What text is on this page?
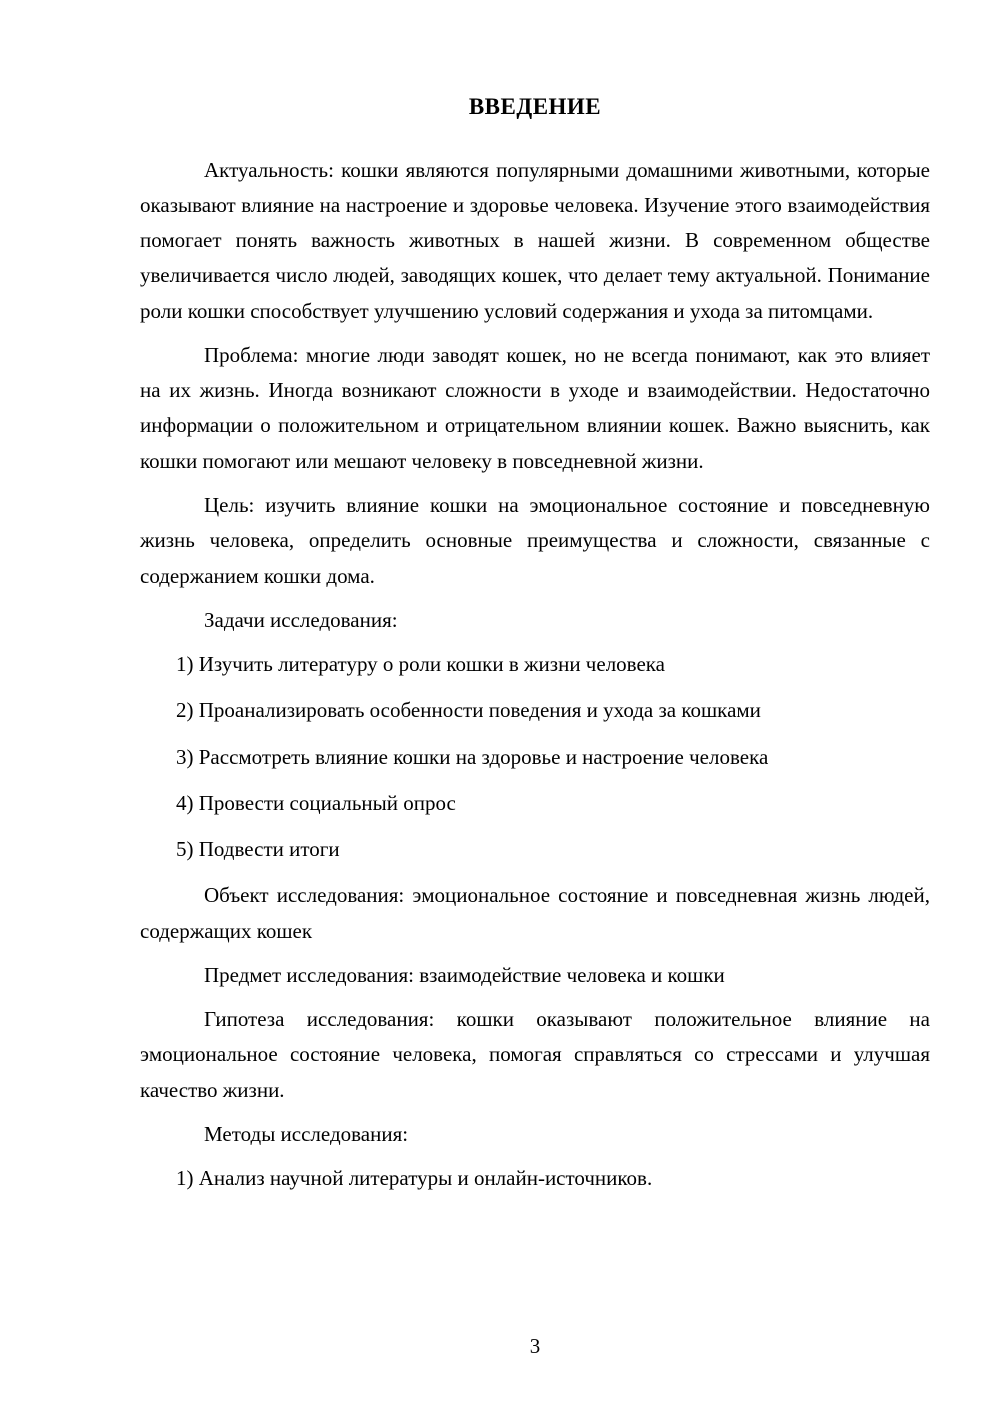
ВВЕДЕНИЕ

Актуальность: кошки являются популярными домашними животными, которые оказывают влияние на настроение и здоровье человека. Изучение этого взаимодействия помогает понять важность животных в нашей жизни. В современном обществе увеличивается число людей, заводящих кошек, что делает тему актуальной. Понимание роли кошки способствует улучшению условий содержания и ухода за питомцами.

Проблема: многие люди заводят кошек, но не всегда понимают, как это влияет на их жизнь. Иногда возникают сложности в уходе и взаимодействии. Недостаточно информации о положительном и отрицательном влиянии кошек. Важно выяснить, как кошки помогают или мешают человеку в повседневной жизни.

Цель: изучить влияние кошки на эмоциональное состояние и повседневную жизнь человека, определить основные преимущества и сложности, связанные с содержанием кошки дома.

Задачи исследования:

1) Изучить литературу о роли кошки в жизни человека

2) Проанализировать особенности поведения и ухода за кошками

3) Рассмотреть влияние кошки на здоровье и настроение человека

4) Провести социальный опрос

5) Подвести итоги

Объект исследования: эмоциональное состояние и повседневная жизнь людей, содержащих кошек

Предмет исследования: взаимодействие человека и кошки

Гипотеза исследования: кошки оказывают положительное влияние на эмоциональное состояние человека, помогая справляться со стрессами и улучшая качество жизни.

Методы исследования:

1) Анализ научной литературы и онлайн-источников.

3
